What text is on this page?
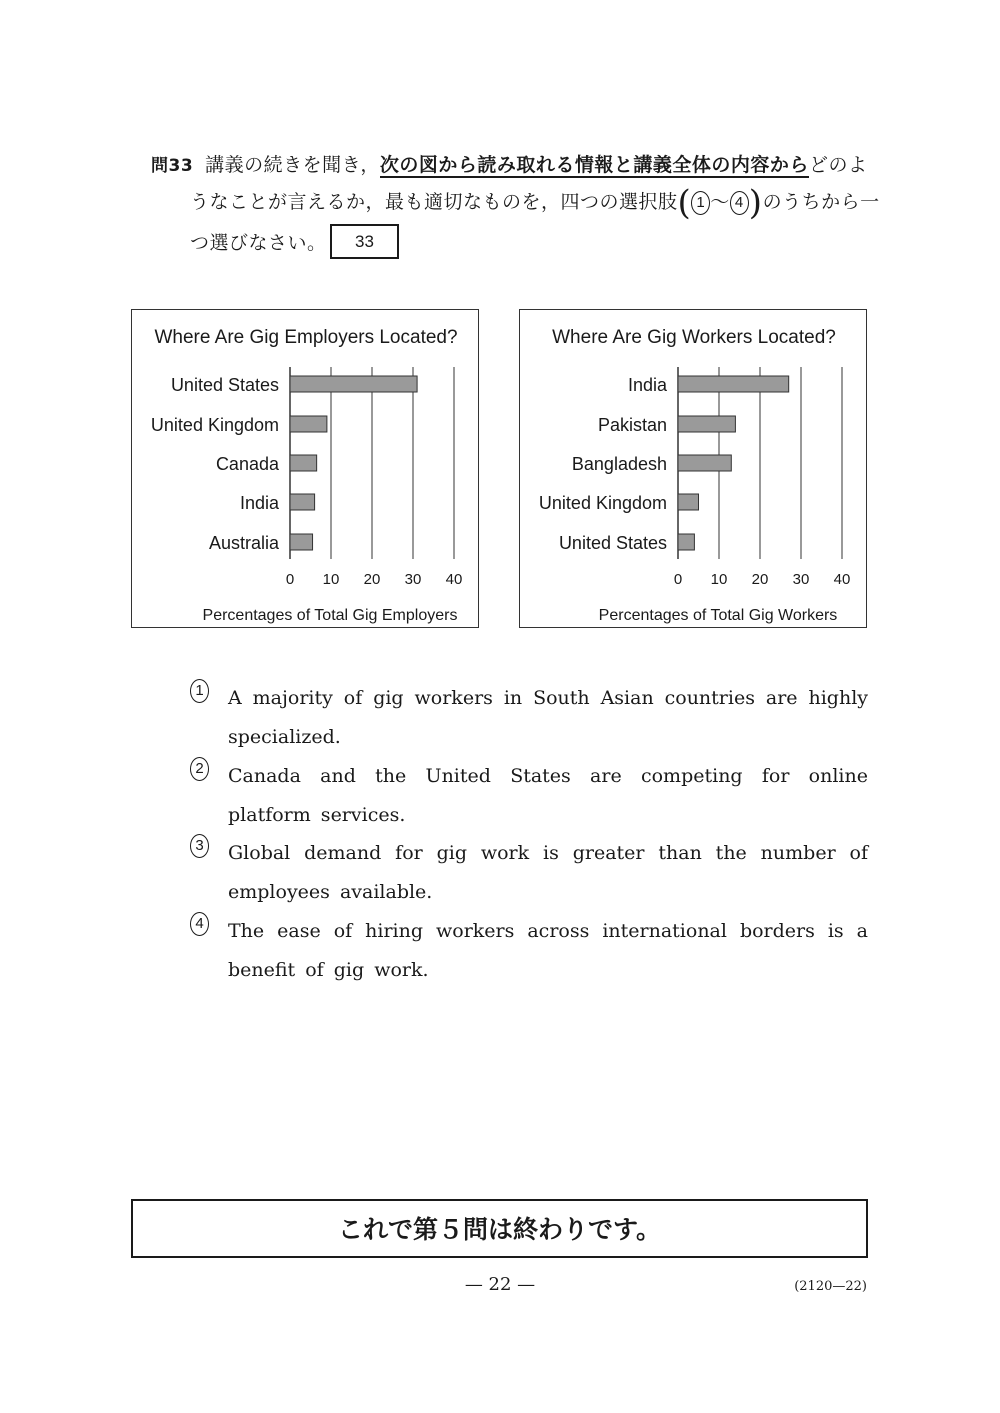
問33 講義の続きを聞き，次の図から読み取れる情報と講義全体の内容からどのよ
うなことが言えるか，最も適切なものを，四つの選択肢( 1 ～ 4 )のうちから一
つ選びなさい。	33
Where Are Gig Employers Located?
0 10 20 30 40
United States
United Kingdom
Canada
India
Australia
Percentages of Total Gig Employers
Where Are Gig Workers Located?
0 10 20 30 40
India
Pakistan
Bangladesh
United Kingdom
United States
Percentages of Total Gig Workers
1 A majority of gig workers in South Asian countries are highly specialized.
2 Canada and the United States are competing for online platform services.
3 Global demand for gig work is greater than the number of employees available.
4 The ease of hiring workers across international borders is a benefit of gig work.
これで第５問は終わりです。
— 22 —	(2120—22)
